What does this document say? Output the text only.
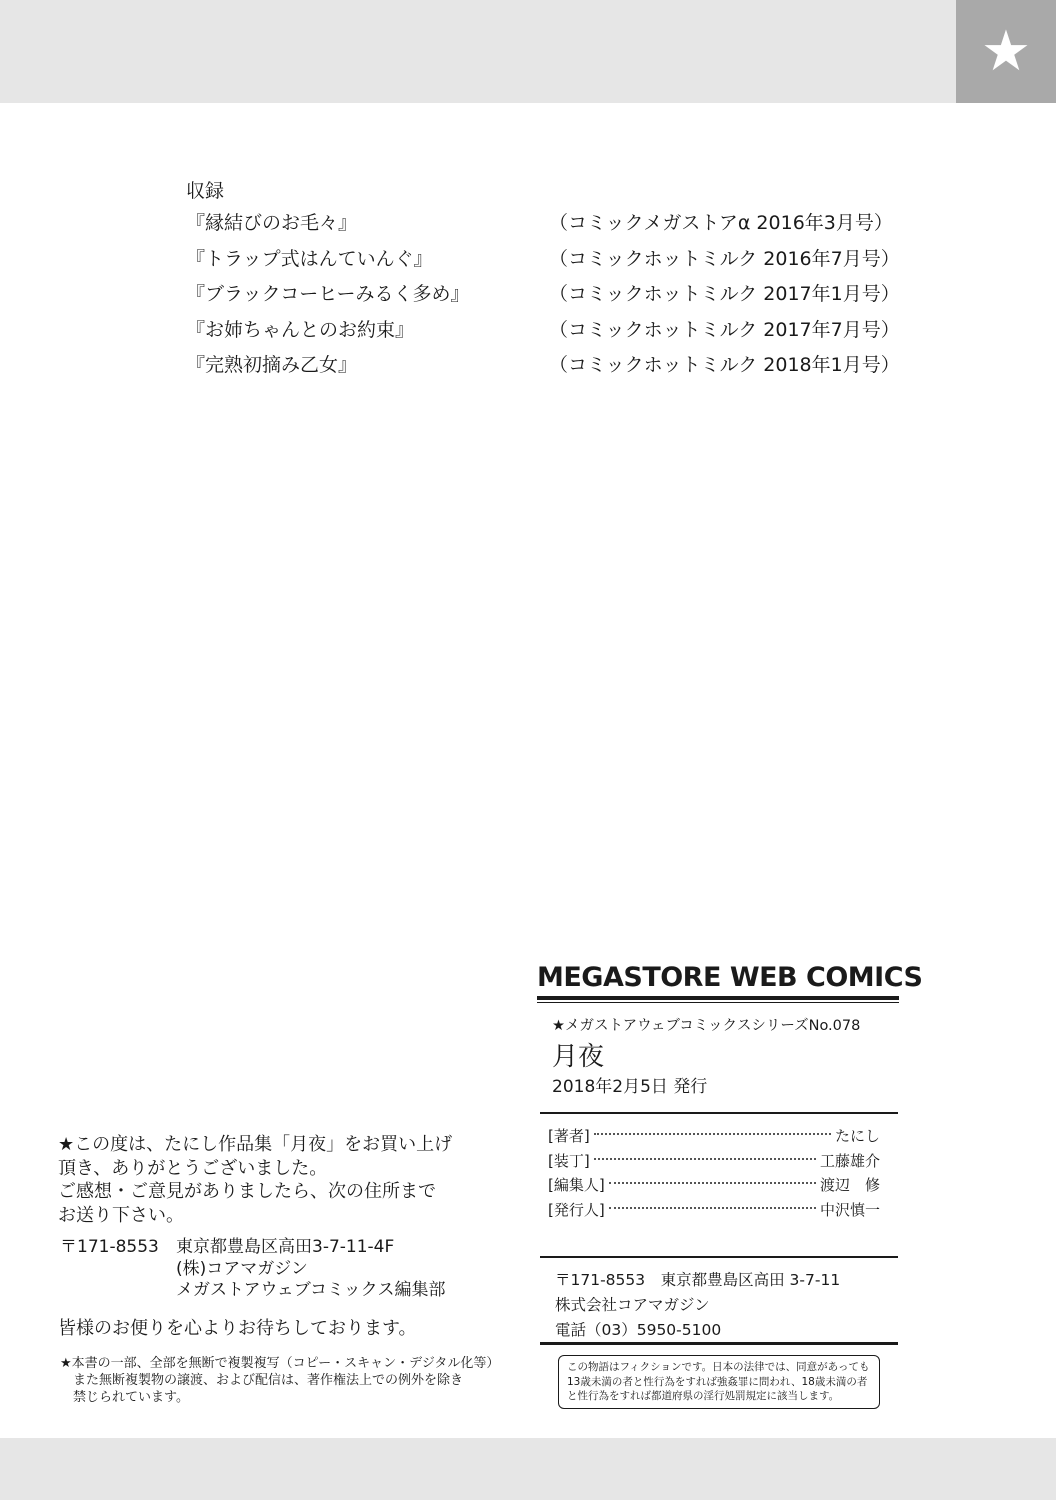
★
収録
『縁結びのお毛々』	（コミックメガストアα 2016年3月号）
『トラップ式はんていんぐ』	（コミックホットミルク 2016年7月号）
『ブラックコーヒーみるく多め』	（コミックホットミルク 2017年1月号）
『お姉ちゃんとのお約束』	（コミックホットミルク 2017年7月号）
『完熟初摘み乙女』	（コミックホットミルク 2018年1月号）
MEGASTORE WEB COMICS
★メガストアウェブコミックスシリーズNo.078
月夜
2018年2月5日 発行
[著者]	たにし
[装丁]	工藤雄介
[編集人]	渡辺　修
[発行人]	中沢慎一
〒171-8553　東京都豊島区高田 3-7-11
株式会社コアマガジン
電話（03）5950-5100
この物語はフィクションです。日本の法律では、同意があっても
13歳未満の者と性行為をすれば強姦罪に問われ、18歳未満の者
と性行為をすれば都道府県の淫行処罰規定に該当します。
★この度は、たにし作品集「月夜」をお買い上げ
頂き、ありがとうございました。
ご感想・ご意見がありましたら、次の住所まで
お送り下さい。
〒171-8553	東京都豊島区高田3-7-11-4F
(株)コアマガジン
メガストアウェブコミックス編集部
皆様のお便りを心よりお待ちしております。
★本書の一部、全部を無断で複製複写（コピー・スキャン・デジタル化等）
　また無断複製物の譲渡、および配信は、著作権法上での例外を除き
　禁じられています。
